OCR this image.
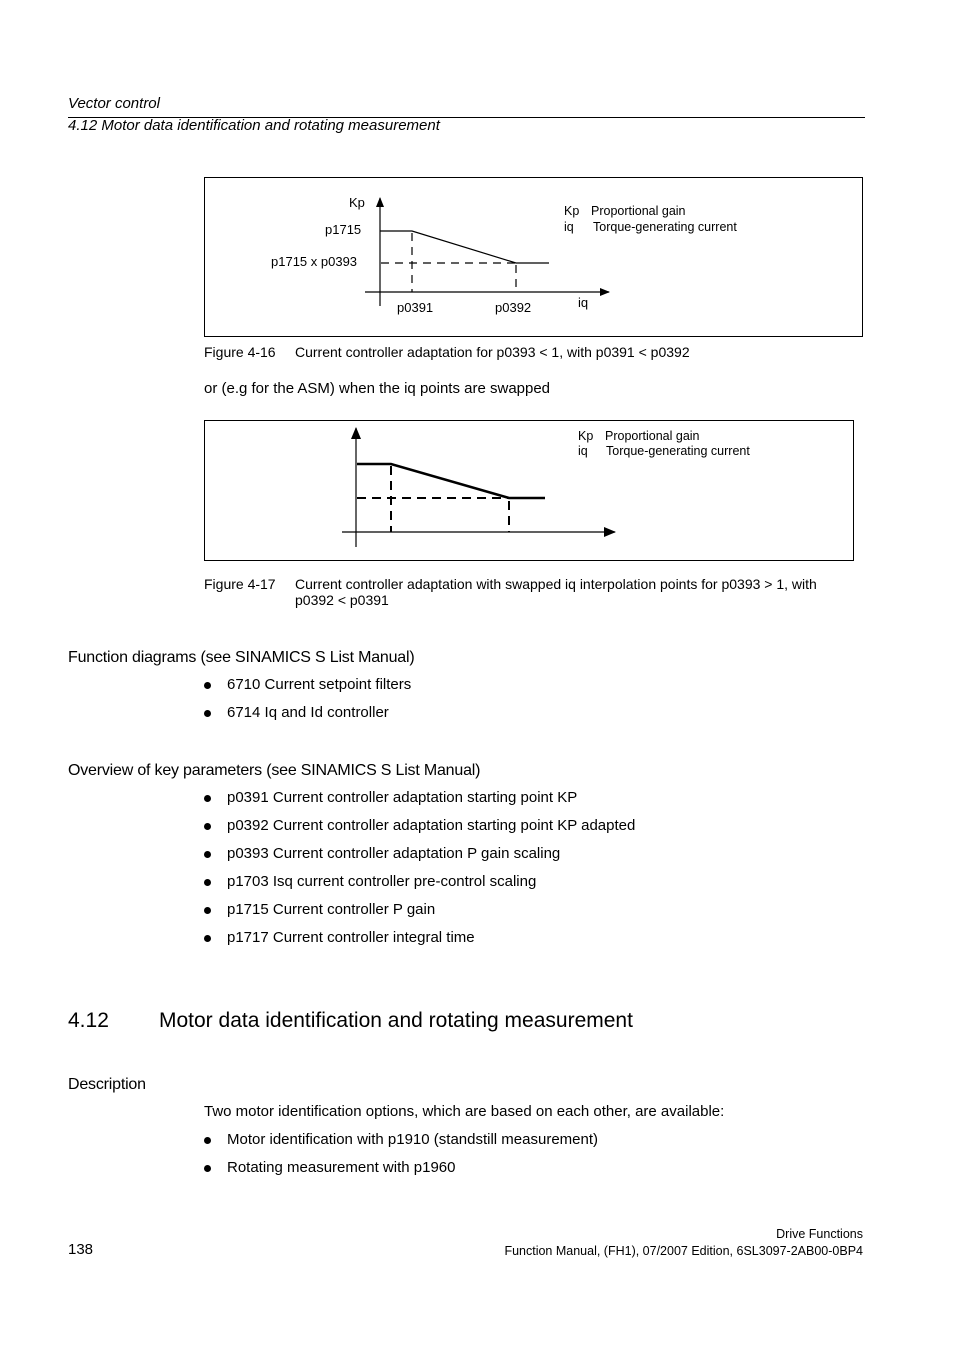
Vector control
4.12 Motor data identification and rotating measurement
Kp
p1715
p1715 x p0393
p0391	p0392	iq
Kp Proportional gain
iq Torque-generating current
Figure 4-16 Current controller adaptation for p0393 < 1, with p0391 < p0392
or (e.g for the ASM) when the iq points are swapped
Kp Proportional gain
iq Torque-generating current
Figure 4-17 Current controller adaptation with swapped iq interpolation points for p0393 > 1, with p0392 < p0391
Function diagrams (see SINAMICS S List Manual)
6710 Current setpoint filters
6714 Iq and Id controller
Overview of key parameters (see SINAMICS S List Manual)
p0391 Current controller adaptation starting point KP
p0392 Current controller adaptation starting point KP adapted
p0393 Current controller adaptation P gain scaling
p1703 Isq current controller pre-control scaling
p1715 Current controller P gain
p1717 Current controller integral time
4.12 Motor data identification and rotating measurement
Description
Two motor identification options, which are based on each other, are available:
Motor identification with p1910 (standstill measurement)
Rotating measurement with p1960
Drive Functions
138	Function Manual, (FH1), 07/2007 Edition, 6SL3097-2AB00-0BP4
